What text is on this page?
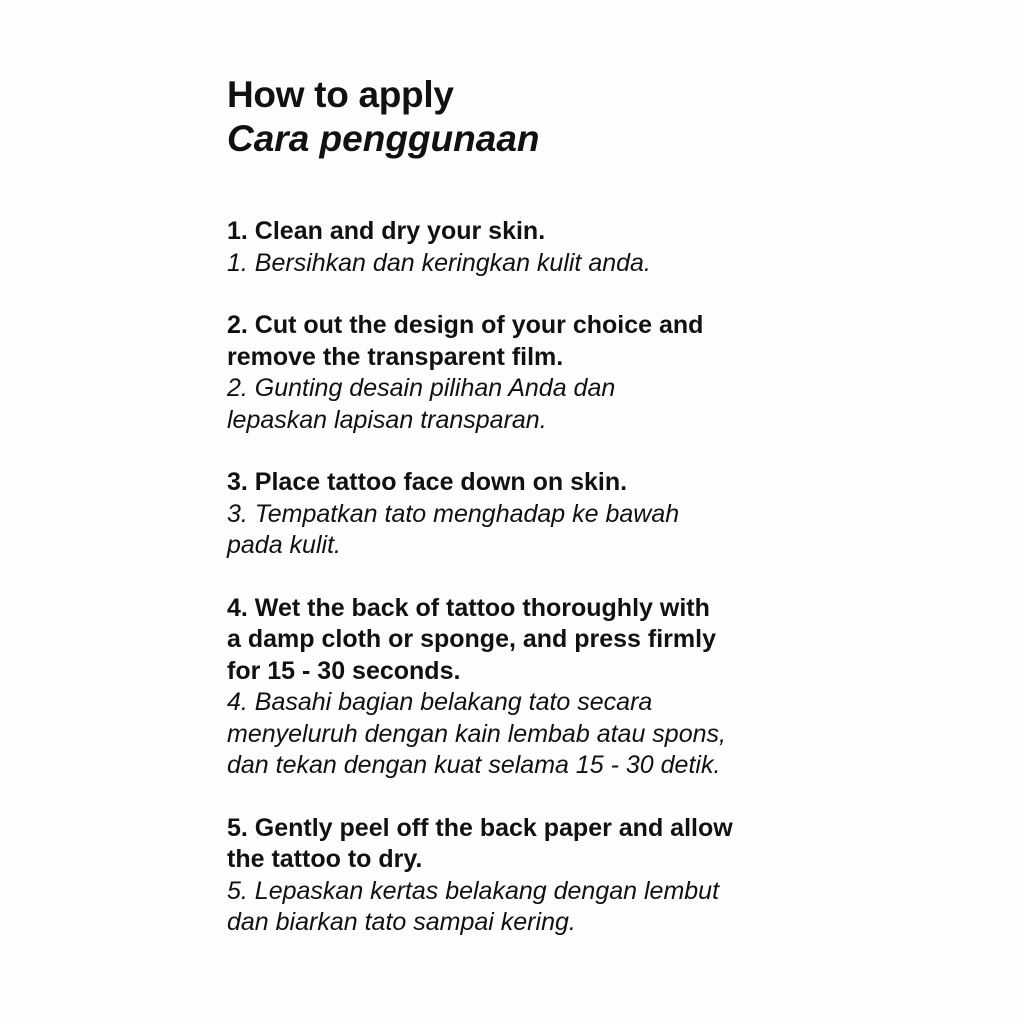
How to apply
Cara penggunaan
1. Clean and dry your skin.
1. Bersihkan dan keringkan kulit anda.
2. Cut out the design of your choice and
remove the transparent film.
2. Gunting desain pilihan Anda dan
lepaskan lapisan transparan.
3. Place tattoo face down on skin.
3. Tempatkan tato menghadap ke bawah
pada kulit.
4. Wet the back of tattoo thoroughly with
a damp cloth or sponge, and press firmly
for 15 - 30 seconds.
4. Basahi bagian belakang tato secara
menyeluruh dengan kain lembab atau spons,
dan tekan dengan kuat selama 15 - 30 detik.
5. Gently peel off the back paper and allow
the tattoo to dry.
5. Lepaskan kertas belakang dengan lembut
dan biarkan tato sampai kering.
